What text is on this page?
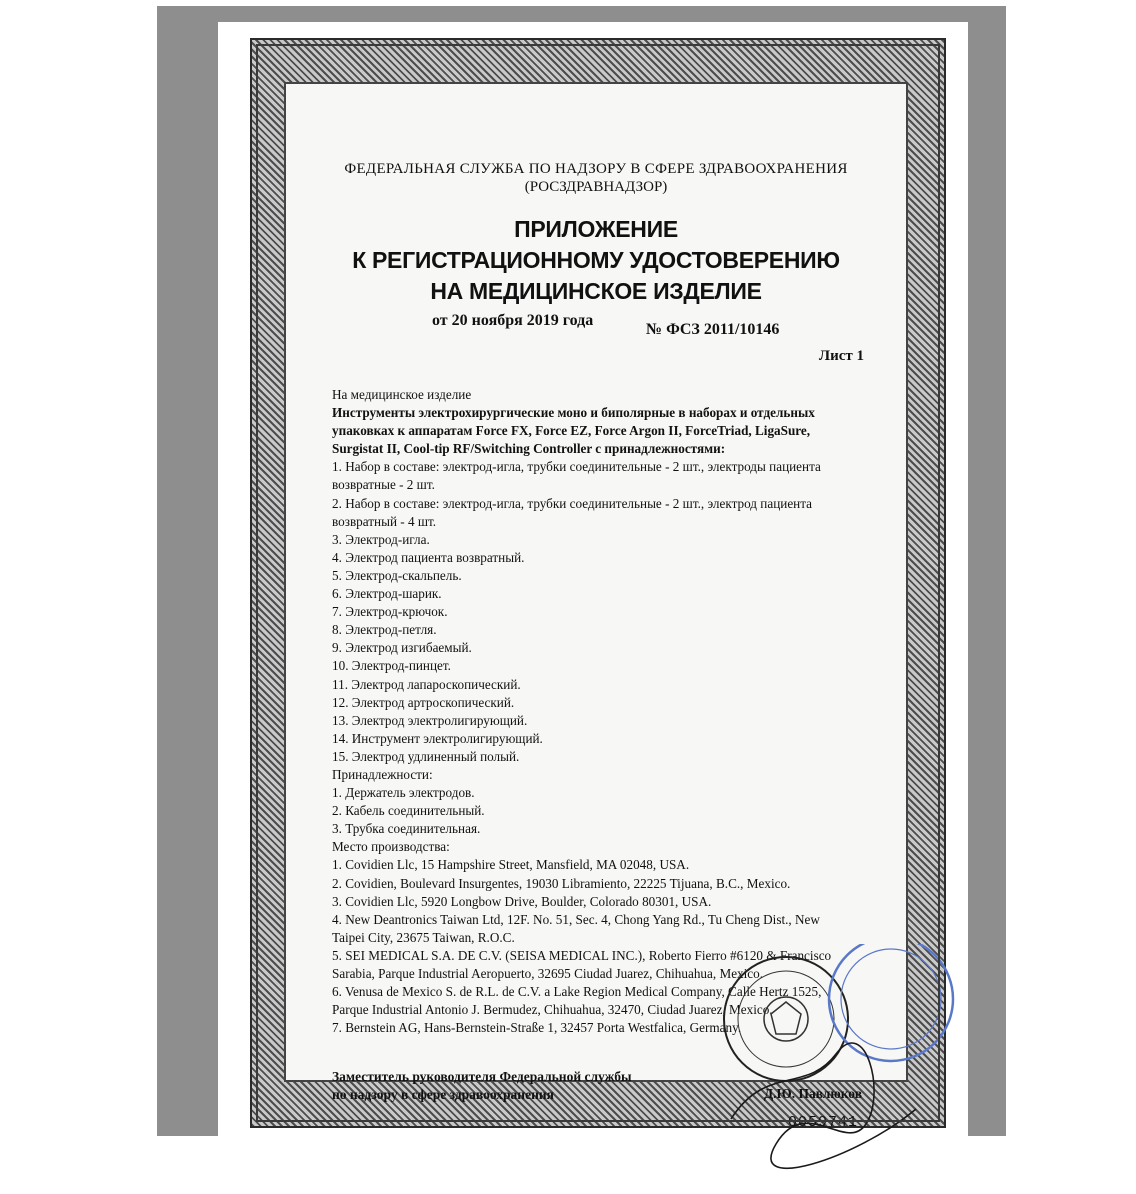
ФЕДЕРАЛЬНАЯ СЛУЖБА ПО НАДЗОРУ В СФЕРЕ ЗДРАВООХРАНЕНИЯ
(РОСЗДРАВНАДЗОР)
ПРИЛОЖЕНИЕ
К РЕГИСТРАЦИОННОМУ УДОСТОВЕРЕНИЮ
НА МЕДИЦИНСКОЕ ИЗДЕЛИЕ
от 20 ноября 2019 года
№ ФСЗ 2011/10146
Лист 1
На медицинское изделие
Инструменты электрохирургические моно и биполярные в наборах и отдельных
упаковках к аппаратам Force FX, Force EZ, Force Argon II, ForceTriad, LigaSure,
Surgistat II, Cool-tip RF/Switching Controller с принадлежностями:
1. Набор в составе: электрод-игла, трубки соединительные - 2 шт., электроды пациента
возвратные - 2 шт.
2. Набор в составе: электрод-игла, трубки соединительные - 2 шт., электрод пациента
возвратный - 4 шт.
3. Электрод-игла.
4. Электрод пациента возвратный.
5. Электрод-скальпель.
6. Электрод-шарик.
7. Электрод-крючок.
8. Электрод-петля.
9. Электрод изгибаемый.
10. Электрод-пинцет.
11. Электрод лапароскопический.
12. Электрод артроскопический.
13. Электрод электролигирующий.
14. Инструмент электролигирующий.
15. Электрод удлиненный полый.
Принадлежности:
1. Держатель электродов.
2. Кабель соединительный.
3. Трубка соединительная.
Место производства:
1. Covidien Llc, 15 Hampshire Street, Mansfield, MA 02048, USA.
2. Covidien, Boulevard Insurgentes, 19030 Libramiento, 22225 Tijuana, B.C., Mexico.
3. Covidien Llc, 5920 Longbow Drive, Boulder, Colorado 80301, USA.
4. New Deantronics Taiwan Ltd, 12F. No. 51, Sec. 4, Chong Yang Rd., Tu Cheng Dist., New
Taipei City, 23675 Taiwan, R.O.C.
5. SEI MEDICAL S.A. DE C.V. (SEISA MEDICAL INC.), Roberto Fierro #6120 & Francisco
Sarabia, Parque Industrial Aeropuerto, 32695 Ciudad Juarez, Chihuahua, Mexico.
6. Venusa de Mexico S. de R.L. de C.V. a Lake Region Medical Company, Calle Hertz 1525,
Parque Industrial Antonio J. Bermudez, Chihuahua, 32470, Ciudad Juarez, Mexico.
7. Bernstein AG, Hans-Bernstein-Straße 1, 32457 Porta Westfalica, Germany.
Заместитель руководителя Федеральной службы
по надзору в сфере здравоохранения	Д.Ю. Павлюков
0059741
